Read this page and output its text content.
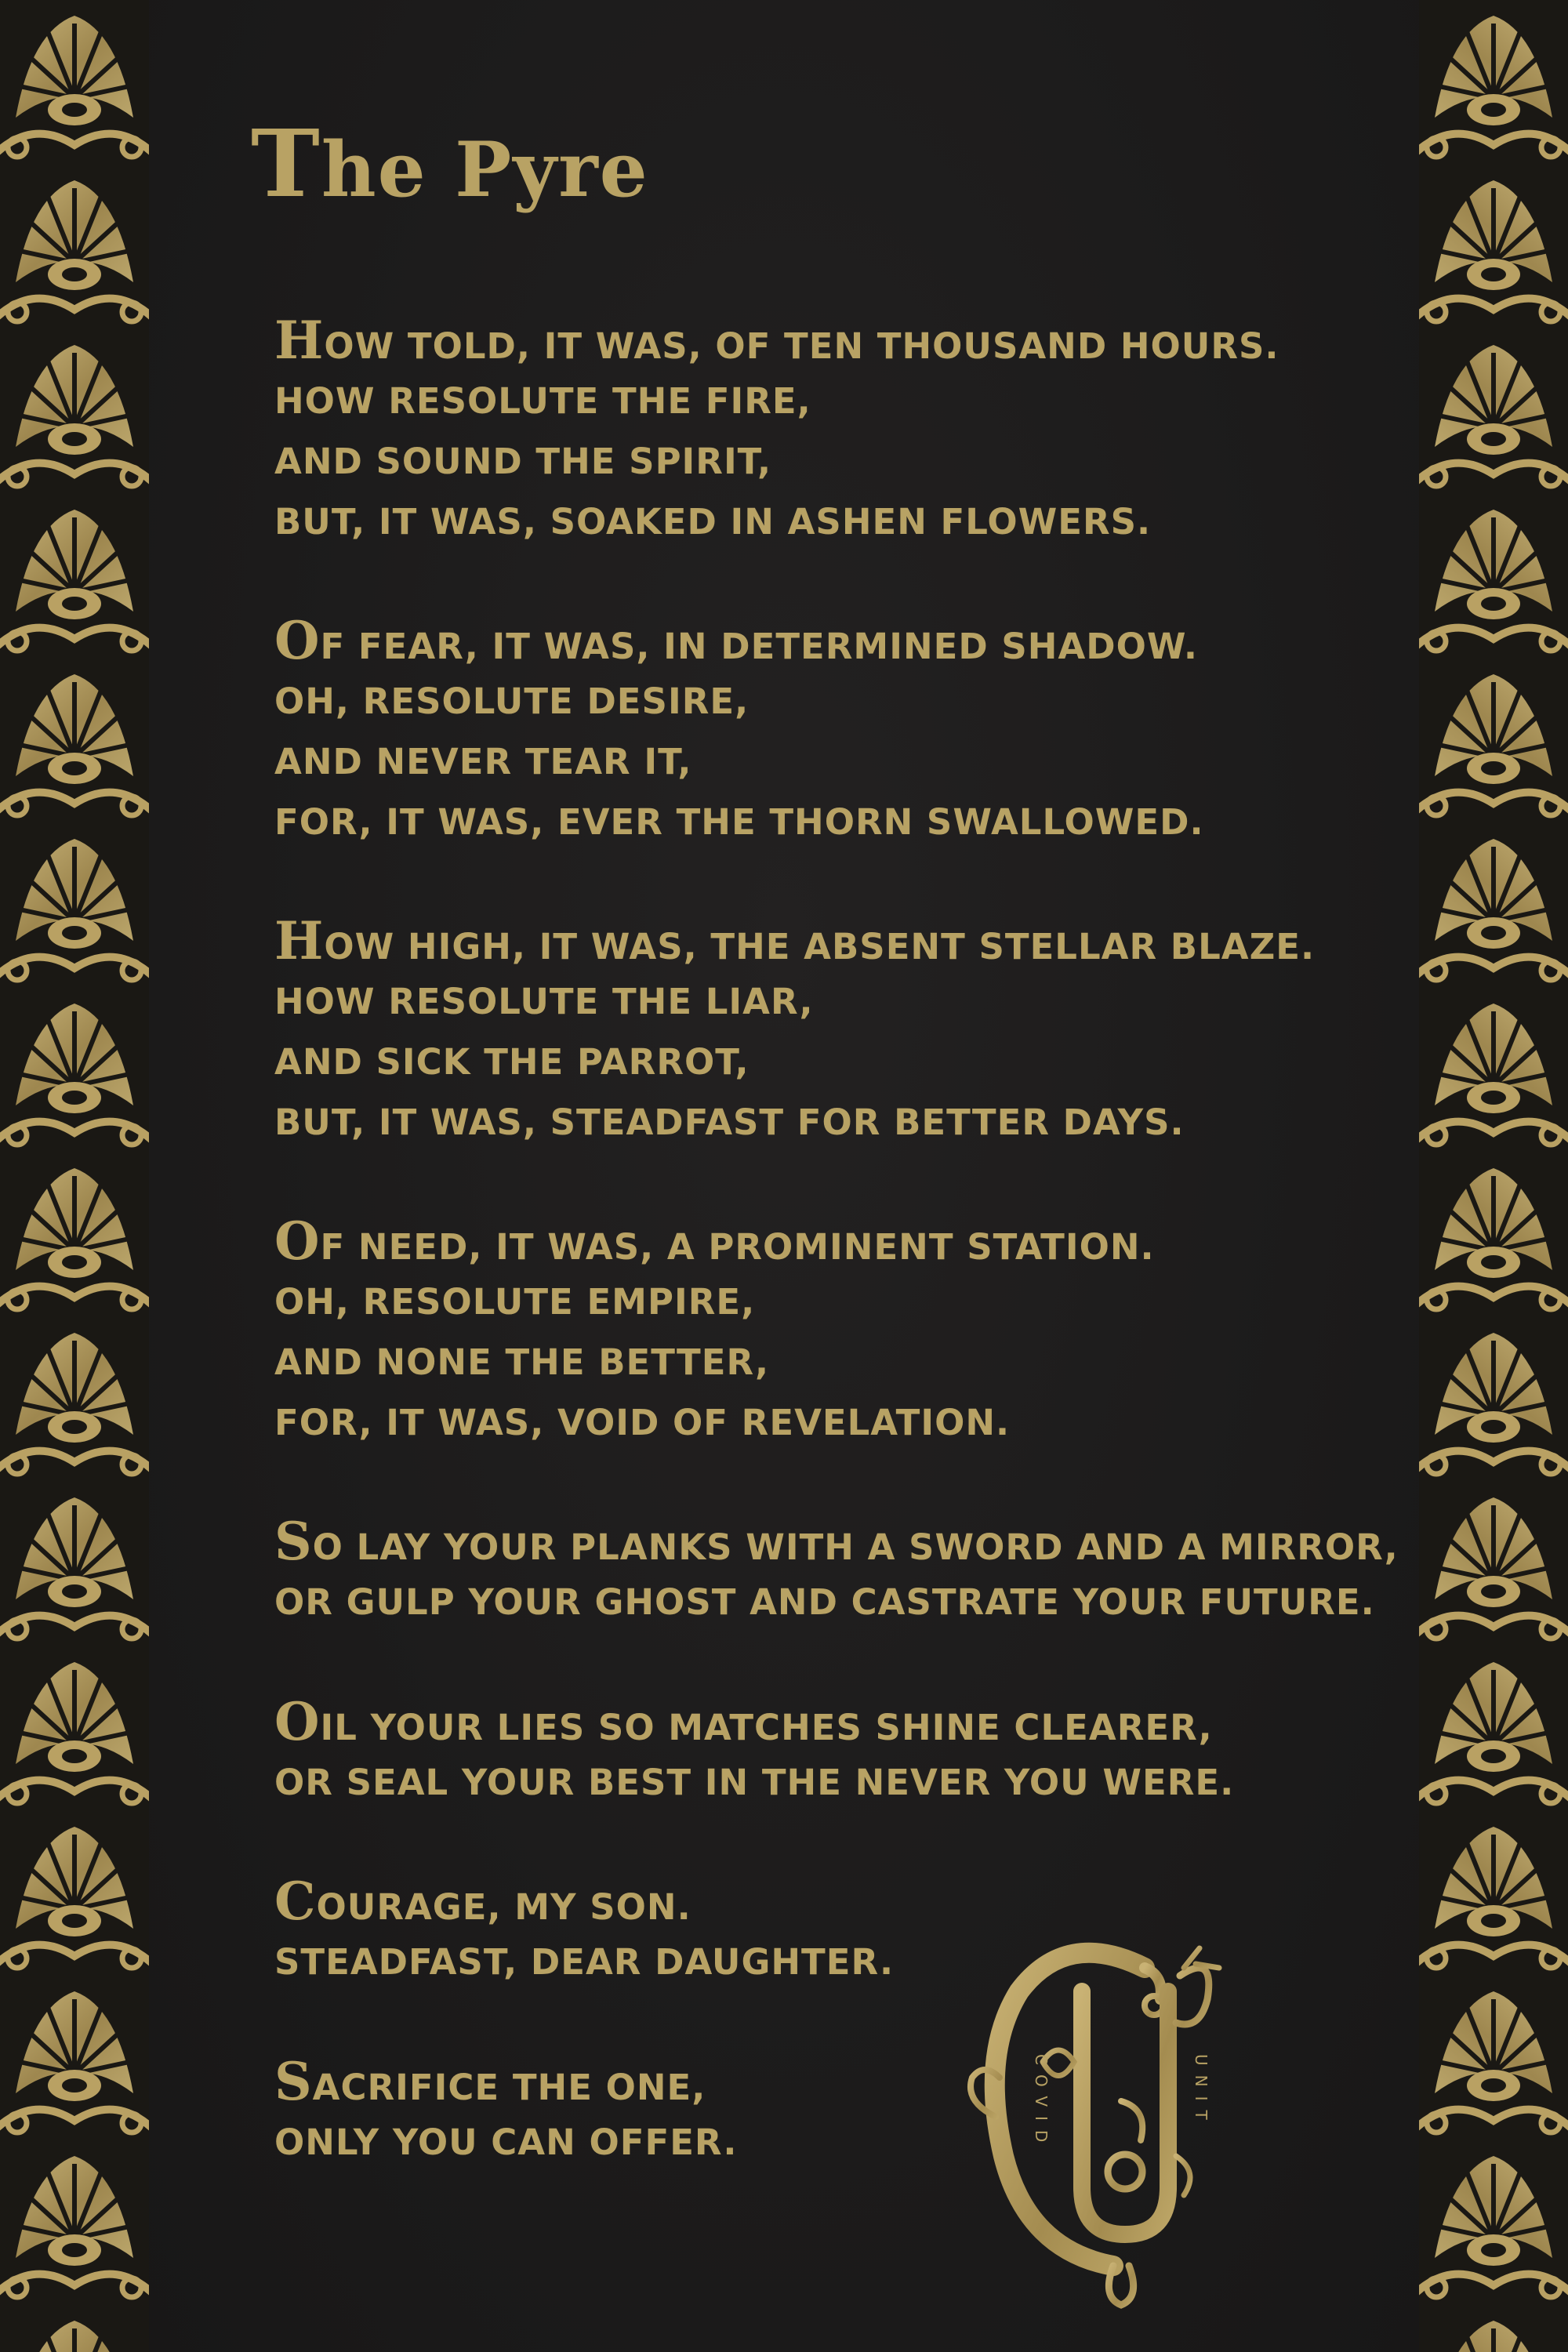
The Pyre
HOW TOLD, IT WAS, OF TEN THOUSAND HOURS.
HOW RESOLUTE THE FIRE,
AND SOUND THE SPIRIT,
BUT, IT WAS, SOAKED IN ASHEN FLOWERS.
OF FEAR, IT WAS, IN DETERMINED SHADOW.
OH, RESOLUTE DESIRE,
AND NEVER TEAR IT,
FOR, IT WAS, EVER THE THORN SWALLOWED.
HOW HIGH, IT WAS, THE ABSENT STELLAR BLAZE.
HOW RESOLUTE THE LIAR,
AND SICK THE PARROT,
BUT, IT WAS, STEADFAST FOR BETTER DAYS.
OF NEED, IT WAS, A PROMINENT STATION.
OH, RESOLUTE EMPIRE,
AND NONE THE BETTER,
FOR, IT WAS, VOID OF REVELATION.
SO LAY YOUR PLANKS WITH A SWORD AND A MIRROR,
OR GULP YOUR GHOST AND CASTRATE YOUR FUTURE.
OIL YOUR LIES SO MATCHES SHINE CLEARER,
OR SEAL YOUR BEST IN THE NEVER YOU WERE.
COURAGE, MY SON.
STEADFAST, DEAR DAUGHTER.
SACRIFICE THE ONE,
ONLY YOU CAN OFFER.	COVID	UNIT
